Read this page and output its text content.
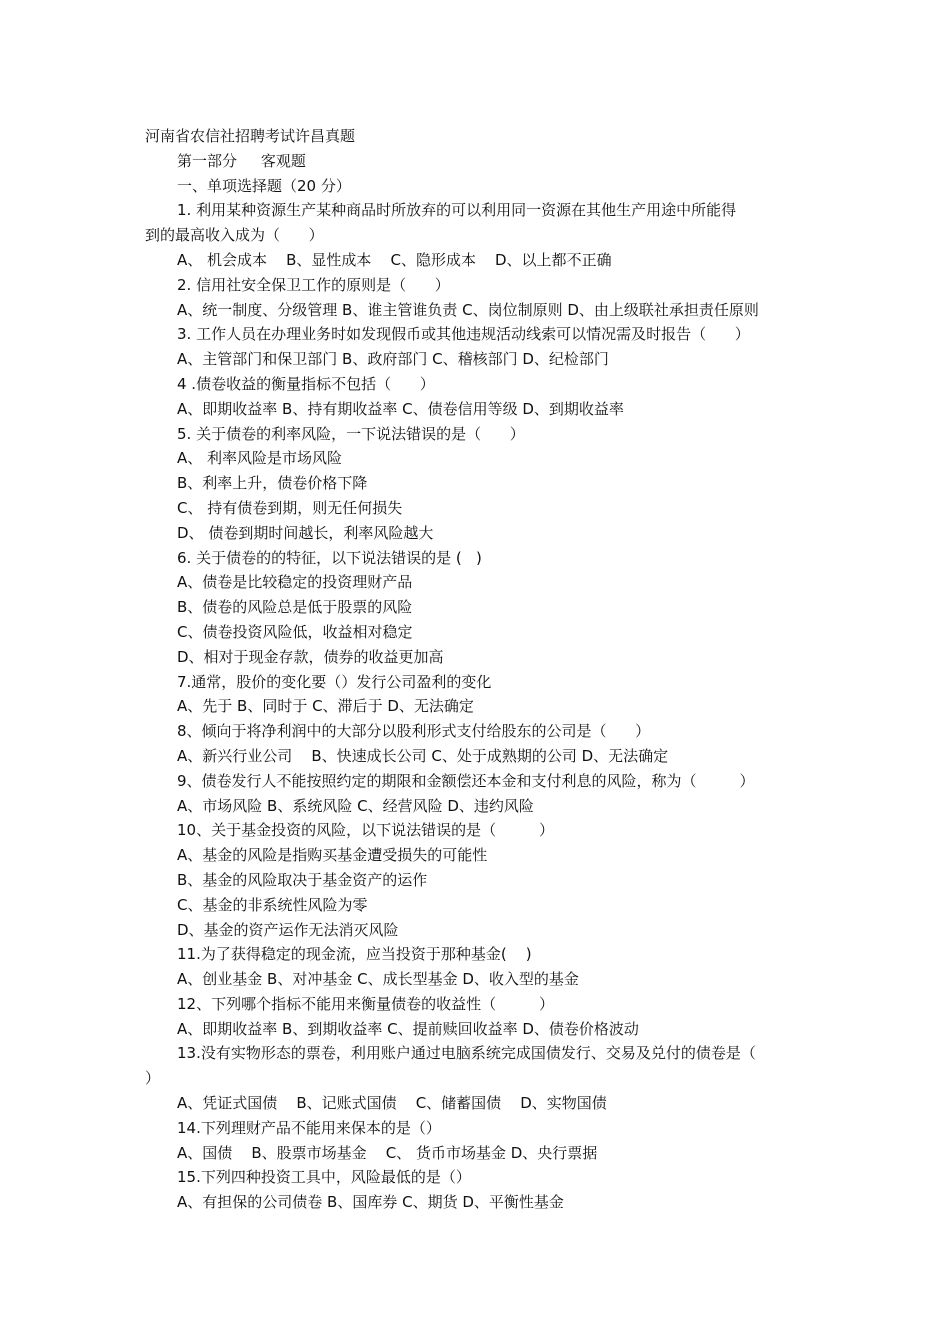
河南省农信社招聘考试许昌真题
第一部分     客观题
一、单项选择题（20 分）
1. 利用某种资源生产某种商品时所放弃的可以利用同一资源在其他生产用途中所能得
到的最高收入成为（      ）
A、 机会成本    B、显性成本    C、隐形成本    D、以上都不正确
2. 信用社安全保卫工作的原则是（      ）
A、统一制度、分级管理 B、谁主管谁负责 C、岗位制原则 D、由上级联社承担责任原则
3. 工作人员在办理业务时如发现假币或其他违规活动线索可以情况需及时报告（      ）
A、主管部门和保卫部门 B、政府部门 C、稽核部门 D、纪检部门
4 .债卷收益的衡量指标不包括（      ）
A、即期收益率 B、持有期收益率 C、债卷信用等级 D、到期收益率
5. 关于债卷的利率风险，一下说法错误的是（      ）
A、 利率风险是市场风险
B、利率上升，债卷价格下降
C、 持有债卷到期，则无任何损失
D、 债卷到期时间越长，利率风险越大
6. 关于债卷的的特征，以下说法错误的是 (   )
A、债卷是比较稳定的投资理财产品
B、债卷的风险总是低于股票的风险
C、债卷投资风险低，收益相对稳定
D、相对于现金存款，债券的收益更加高
7.通常，股价的变化要（）发行公司盈利的变化
A、先于 B、同时于 C、滞后于 D、无法确定
8、倾向于将净利润中的大部分以股利形式支付给股东的公司是（      ）
A、新兴行业公司    B、快速成长公司 C、处于成熟期的公司 D、无法确定
9、债卷发行人不能按照约定的期限和金额偿还本金和支付利息的风险，称为（         ）
A、市场风险 B、系统风险 C、经营风险 D、违约风险
10、关于基金投资的风险，以下说法错误的是（         ）
A、基金的风险是指购买基金遭受损失的可能性
B、基金的风险取决于基金资产的运作
C、基金的非系统性风险为零
D、基金的资产运作无法消灭风险
11.为了获得稳定的现金流，应当投资于那种基金(    )
A、创业基金 B、对冲基金 C、成长型基金 D、收入型的基金
12、下列哪个指标不能用来衡量债卷的收益性（         ）
A、即期收益率 B、到期收益率 C、提前赎回收益率 D、债卷价格波动
13.没有实物形态的票卷，利用账户通过电脑系统完成国债发行、交易及兑付的债卷是（
）
A、凭证式国债    B、记账式国债    C、储蓄国债    D、实物国债
14.下列理财产品不能用来保本的是（）
A、国债    B、股票市场基金    C、 货币市场基金 D、央行票据
15.下列四种投资工具中，风险最低的是（）
A、有担保的公司债卷 B、国库券 C、期货 D、平衡性基金
